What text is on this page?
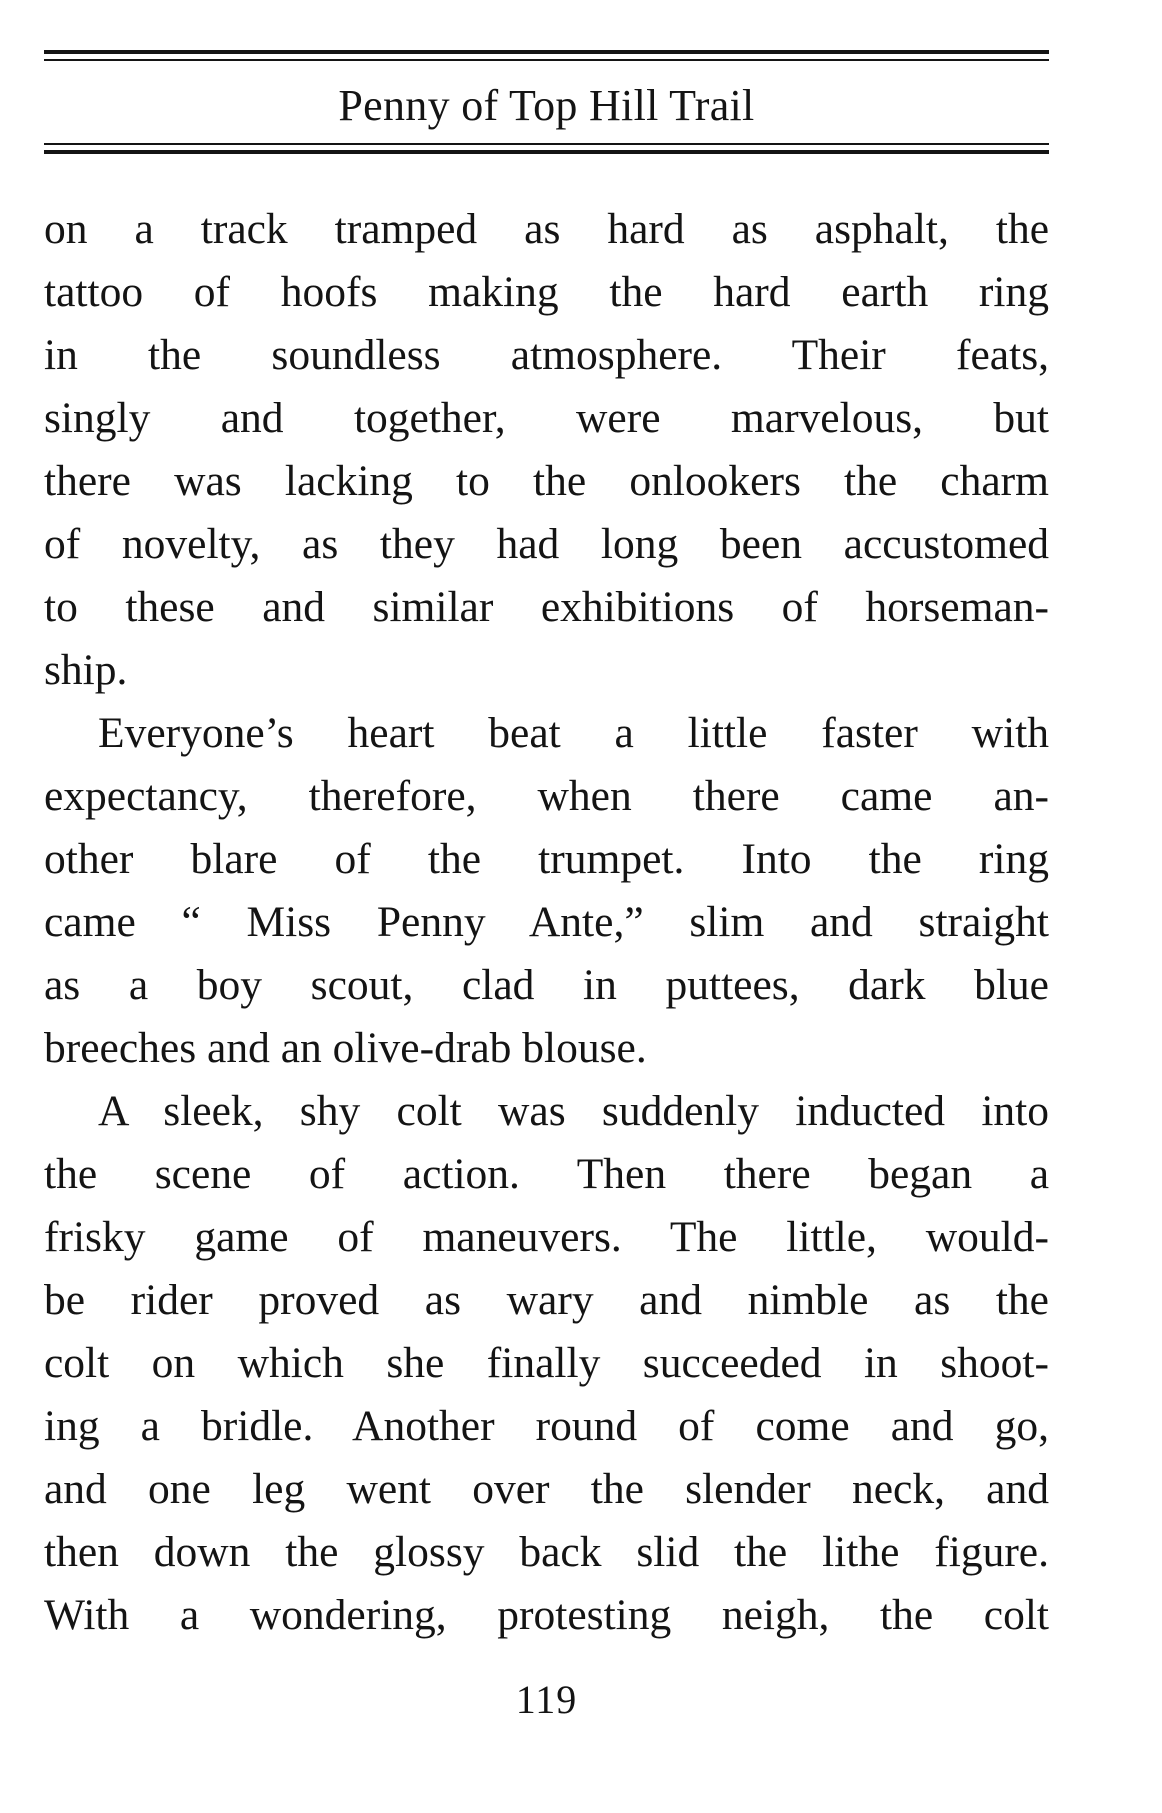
Penny of Top Hill Trail
on a track tramped as hard as asphalt, the
tattoo of hoofs making the hard earth ring
in the soundless atmosphere. Their feats,
singly and together, were marvelous, but
there was lacking to the onlookers the charm
of novelty, as they had long been accustomed
to these and similar exhibitions of horseman-
ship.
Everyone’s heart beat a little faster with
expectancy, therefore, when there came an-
other blare of the trumpet. Into the ring
came “ Miss Penny Ante,” slim and straight
as a boy scout, clad in puttees, dark blue
breeches and an olive-drab blouse.
A sleek, shy colt was suddenly inducted into
the scene of action. Then there began a
frisky game of maneuvers. The little, would-
be rider proved as wary and nimble as the
colt on which she finally succeeded in shoot-
ing a bridle. Another round of come and go,
and one leg went over the slender neck, and
then down the glossy back slid the lithe figure.
With a wondering, protesting neigh, the colt
119
